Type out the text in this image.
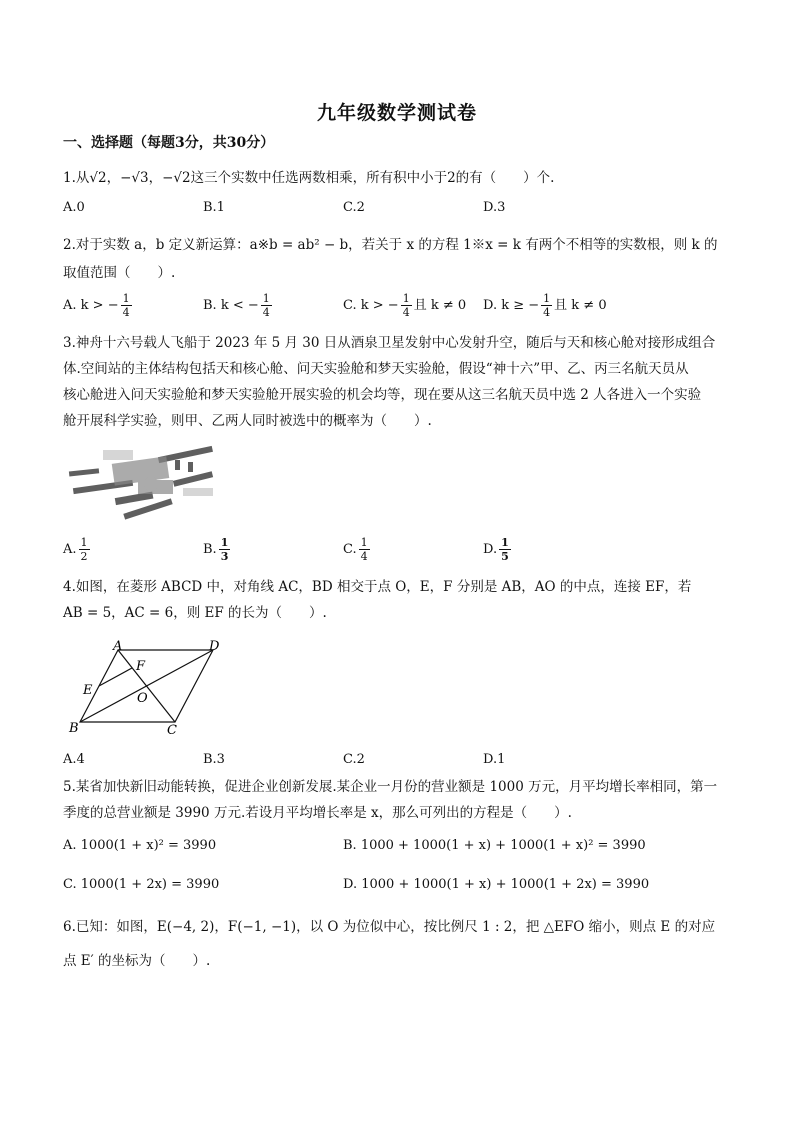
九年级数学测试卷
一、选择题（每题3分，共30分）
1.从√2，−√3，−√2这三个实数中任选两数相乘，所有积中小于2的有（　　）个.
A.0	B.1	C.2	D.3
2.对于实数 a，b 定义新运算：a※b = ab² − b，若关于 x 的方程 1※x = k 有两个不相等的实数根，则 k 的
取值范围（　　）.
A. k > − $\frac{1}{4}$	B. k < − $\frac{1}{4}$	C. k > − $\frac{1}{4}$ 且 k ≠ 0 D. k ≥ − $\frac{1}{4}$ 且 k ≠ 0
3.神舟十六号载人飞船于 2023 年 5 月 30 日从酒泉卫星发射中心发射升空，随后与天和核心舱对接形成组合
体.空间站的主体结构包括天和核心舱、问天实验舱和梦天实验舱，假设“神十六”甲、乙、丙三名航天员从
核心舱进入问天实验舱和梦天实验舱开展实验的机会均等，现在要从这三名航天员中选 2 人各进入一个实验
舱开展科学实验，则甲、乙两人同时被选中的概率为（　　）.
A. $\frac{1}{2}$	B. $\frac{1}{3}$	C. $\frac{1}{4}$	D. $\frac{1}{5}$
4.如图，在菱形 ABCD 中，对角线 AC，BD 相交于点 O，E，F 分别是 AB，AO 的中点，连接 EF，若
AB = 5，AC = 6，则 EF 的长为（　　）.
A	D
B	C
E
F
O
A.4	B.3	C.2	D.1
5.某省加快新旧动能转换，促进企业创新发展.某企业一月份的营业额是 1000 万元，月平均增长率相同，第一
季度的总营业额是 3990 万元.若设月平均增长率是 x，那么可列出的方程是（　　）.
A. 1000(1 + x)² = 3990	B. 1000 + 1000(1 + x) + 1000(1 + x)² = 3990
C. 1000(1 + 2x) = 3990	D. 1000 + 1000(1 + x) + 1000(1 + 2x) = 3990
6.已知：如图，E(−4, 2)，F(−1, −1)，以 O 为位似中心，按比例尺 1 : 2，把 △EFO 缩小，则点 E 的对应
点 E′ 的坐标为（　　）.
